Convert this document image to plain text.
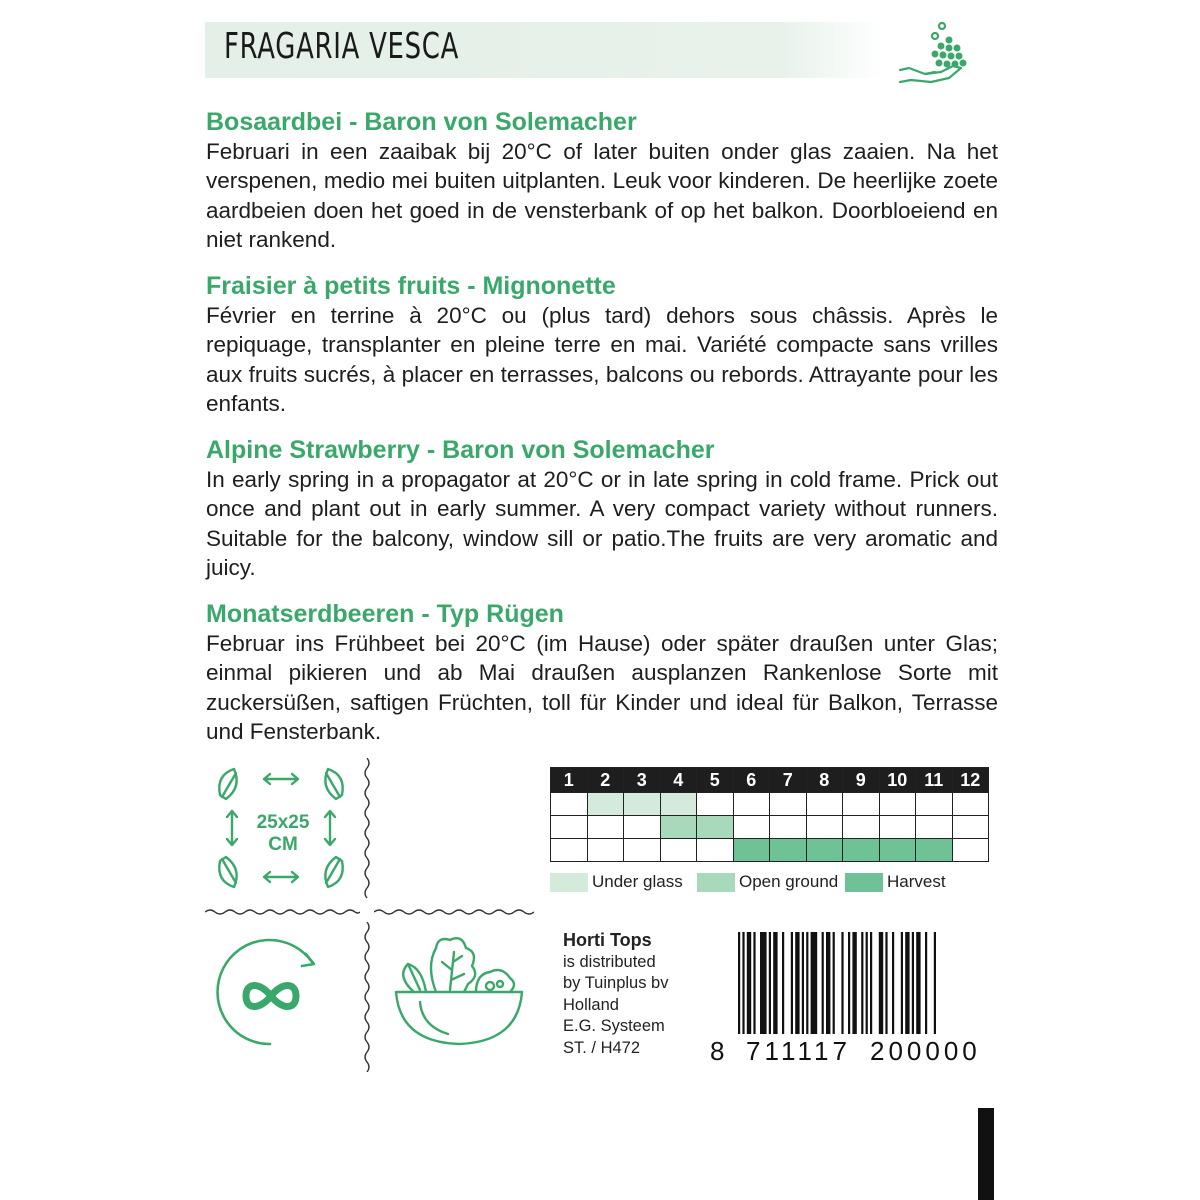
FRAGARIA VESCA
Bosaardbei - Baron von Solemacher

Februari in een zaaibak bij 20°C of later buiten onder glas zaaien. Na het verspenen, medio mei buiten uitplanten. Leuk voor kinderen. De heerlijke zoete aardbeien doen het goed in de vensterbank of op het balkon. Doorbloeiend en niet rankend.

Fraisier à petits fruits - Mignonette

Février en terrine à 20°C ou (plus tard) dehors sous châssis. Après le repiquage, transplanter en pleine terre en mai. Variété compacte sans vrilles aux fruits sucrés, à placer en terrasses, balcons ou rebords. Attrayante pour les enfants.

Alpine Strawberry - Baron von Solemacher

In early spring in a propagator at 20°C or in late spring in cold frame. Prick out once and plant out in early summer. A very compact variety without runners. Suitable for the balcony, window sill or patio.The fruits are very aromatic and juicy.

Monatserdbeeren - Typ Rügen

Februar ins Frühbeet bei 20°C (im Hause) oder später draußen unter Glas; einmal pikieren und ab Mai draußen ausplanzen Rankenlose Sorte mit zuckersüßen, saftigen Früchten, toll für Kinder und ideal für Balkon, Terrasse und Fensterbank.

25x25
CM
1	2	3	4	5	6	7	8	9	10	11	12

Under glass	Open ground	Harvest
Horti Tops
is distributed
by Tuinplus bv
Holland
E.G. Systeem
ST. / H472	8 711117 200000
